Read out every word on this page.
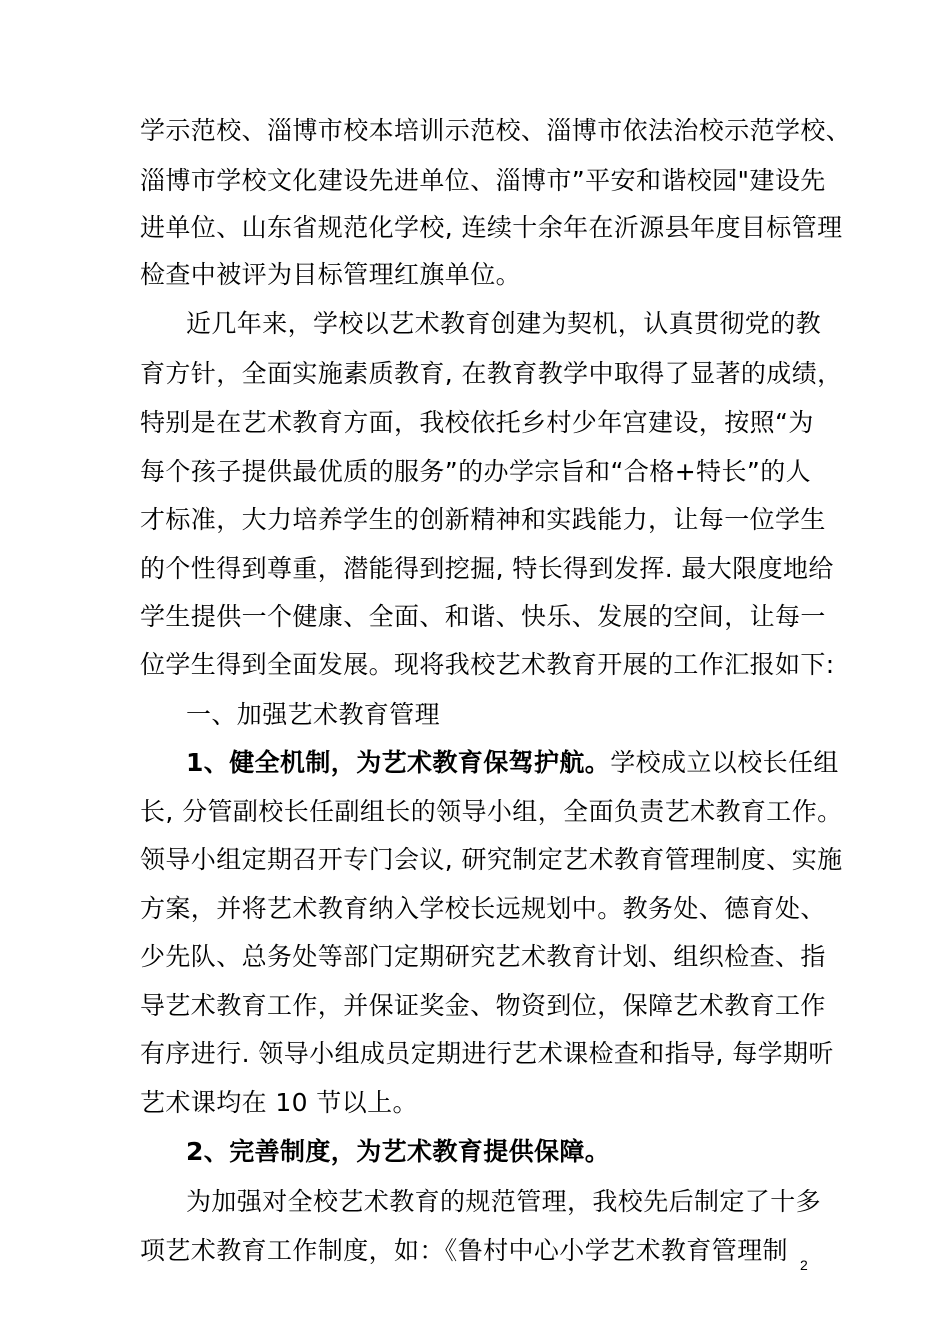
学示范校、淄博市校本培训示范校、淄博市依法治校示范学校、
淄博市学校文化建设先进单位、淄博市”平安和谐校园"建设先
进单位、山东省规范化学校, 连续十余年在沂源县年度目标管理
检查中被评为目标管理红旗单位。
近几年来，学校以艺术教育创建为契机，认真贯彻党的教
育方针，全面实施素质教育, 在教育教学中取得了显著的成绩，
特别是在艺术教育方面，我校依托乡村少年宫建设，按照“为
每个孩子提供最优质的服务”的办学宗旨和“合格+特长”的人
才标准，大力培养学生的创新精神和实践能力，让每一位学生
的个性得到尊重，潜能得到挖掘, 特长得到发挥. 最大限度地给
学生提供一个健康、全面、和谐、快乐、发展的空间，让每一
位学生得到全面发展。现将我校艺术教育开展的工作汇报如下:
一、加强艺术教育管理
1、健全机制，为艺术教育保驾护航。学校成立以校长任组
长, 分管副校长任副组长的领导小组，全面负责艺术教育工作。
领导小组定期召开专门会议, 研究制定艺术教育管理制度、实施
方案，并将艺术教育纳入学校长远规划中。教务处、德育处、
少先队、总务处等部门定期研究艺术教育计划、组织检查、指
导艺术教育工作，并保证奖金、物资到位，保障艺术教育工作
有序进行. 领导小组成员定期进行艺术课检查和指导, 每学期听
艺术课均在 10 节以上。
2、完善制度，为艺术教育提供保障。
为加强对全校艺术教育的规范管理，我校先后制定了十多
项艺术教育工作制度，如：《鲁村中心小学艺术教育管理制 2
